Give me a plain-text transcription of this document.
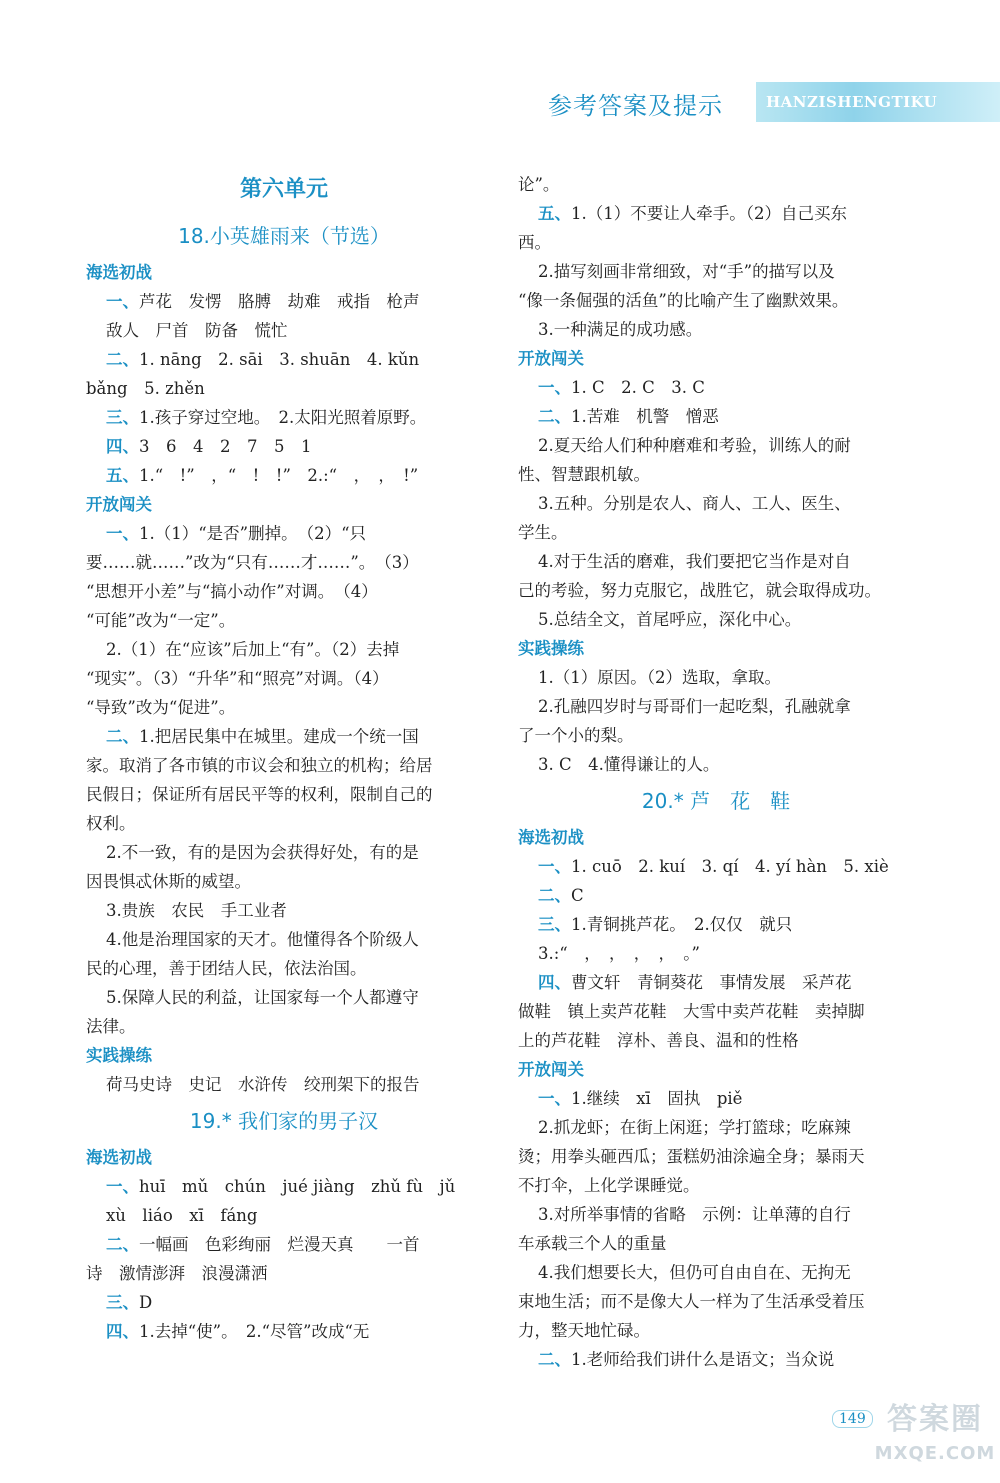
参考答案及提示	HANZISHENGTIKU
第六单元
18.小英雄雨来（节选）
海选初战
一、芦花　发愣　胳膊　劫难　戒指　枪声
敌人　尸首　防备　慌忙
二、1. nāng　2. sāi　3. shuān　4. kǔn
bǎng　5. zhěn
三、1.孩子穿过空地。　2.太阳光照着原野。
四、3　6　4　2　7　5　1
五、1.“　!”　，“　!　!”　2.:“　，　，　!”
开放闯关
一、1.（1）“是否”删掉。　（2）“只
要……就……”改为“只有……才……”。　（3）
“思想开小差”与“搞小动作”对调。　（4）
“可能”改为“一定”。
2.（1）在“应该”后加上“有”。（2）去掉
“现实”。（3）“升华”和“照亮”对调。（4）
“导致”改为“促进”。
二、1.把居民集中在城里。建成一个统一国
家。取消了各市镇的市议会和独立的机构；给居
民假日；保证所有居民平等的权利，限制自己的
权利。
2.不一致，有的是因为会获得好处，有的是
因畏惧忒休斯的威望。
3.贵族　农民　手工业者
4.他是治理国家的天才。他懂得各个阶级人
民的心理，善于团结人民，依法治国。
5.保障人民的利益，让国家每一个人都遵守
法律。
实践操练
荷马史诗　史记　水浒传　绞刑架下的报告
19.* 我们家的男子汉
海选初战
一、huī　mǔ　chún　jué jiàng　zhǔ fù　jǔ
xù　liáo　xī　fáng
二、一幅画　色彩绚丽　烂漫天真　　一首
诗　激情澎湃　浪漫潇洒
三、D
四、1.去掉“使”。　2.“尽管”改成“无
论”。
五、1.（1）不要让人牵手。（2）自己买东
西。
2.描写刻画非常细致，对“手”的描写以及
“像一条倔强的活鱼”的比喻产生了幽默效果。
3.一种满足的成功感。
开放闯关
一、1. C　2. C　3. C
二、1.苦难　机警　憎恶
2.夏天给人们种种磨难和考验，训练人的耐
性、智慧跟机敏。
3.五种。分别是农人、商人、工人、医生、
学生。
4.对于生活的磨难，我们要把它当作是对自
己的考验，努力克服它，战胜它，就会取得成功。
5.总结全文，首尾呼应，深化中心。
实践操练
1.（1）原因。（2）选取，拿取。
2.孔融四岁时与哥哥们一起吃梨，孔融就拿
了一个小的梨。
3. C　4.懂得谦让的人。
20.* 芦　花　鞋
海选初战
一、1. cuō　2. kuí　3. qí　4. yí hàn　5. xiè
二、C
三、1.青铜挑芦花。　2.仅仅　就只
3.:“　，　，　，　，　。”
四、曹文轩　青铜葵花　事情发展　采芦花
做鞋　镇上卖芦花鞋　大雪中卖芦花鞋　卖掉脚
上的芦花鞋　淳朴、善良、温和的性格
开放闯关
一、1.继续　xī　固执　piě
2.抓龙虾；在街上闲逛；学打篮球；吃麻辣
烫；用拳头砸西瓜；蛋糕奶油涂遍全身；暴雨天
不打伞，上化学课睡觉。
3.对所举事情的省略　示例：让单薄的自行
车承载三个人的重量
4.我们想要长大，但仍可自由自在、无拘无
束地生活；而不是像大人一样为了生活承受着压
力，整天地忙碌。
二、1.老师给我们讲什么是语文；当众说
149 答案圈
MXQE.COM
